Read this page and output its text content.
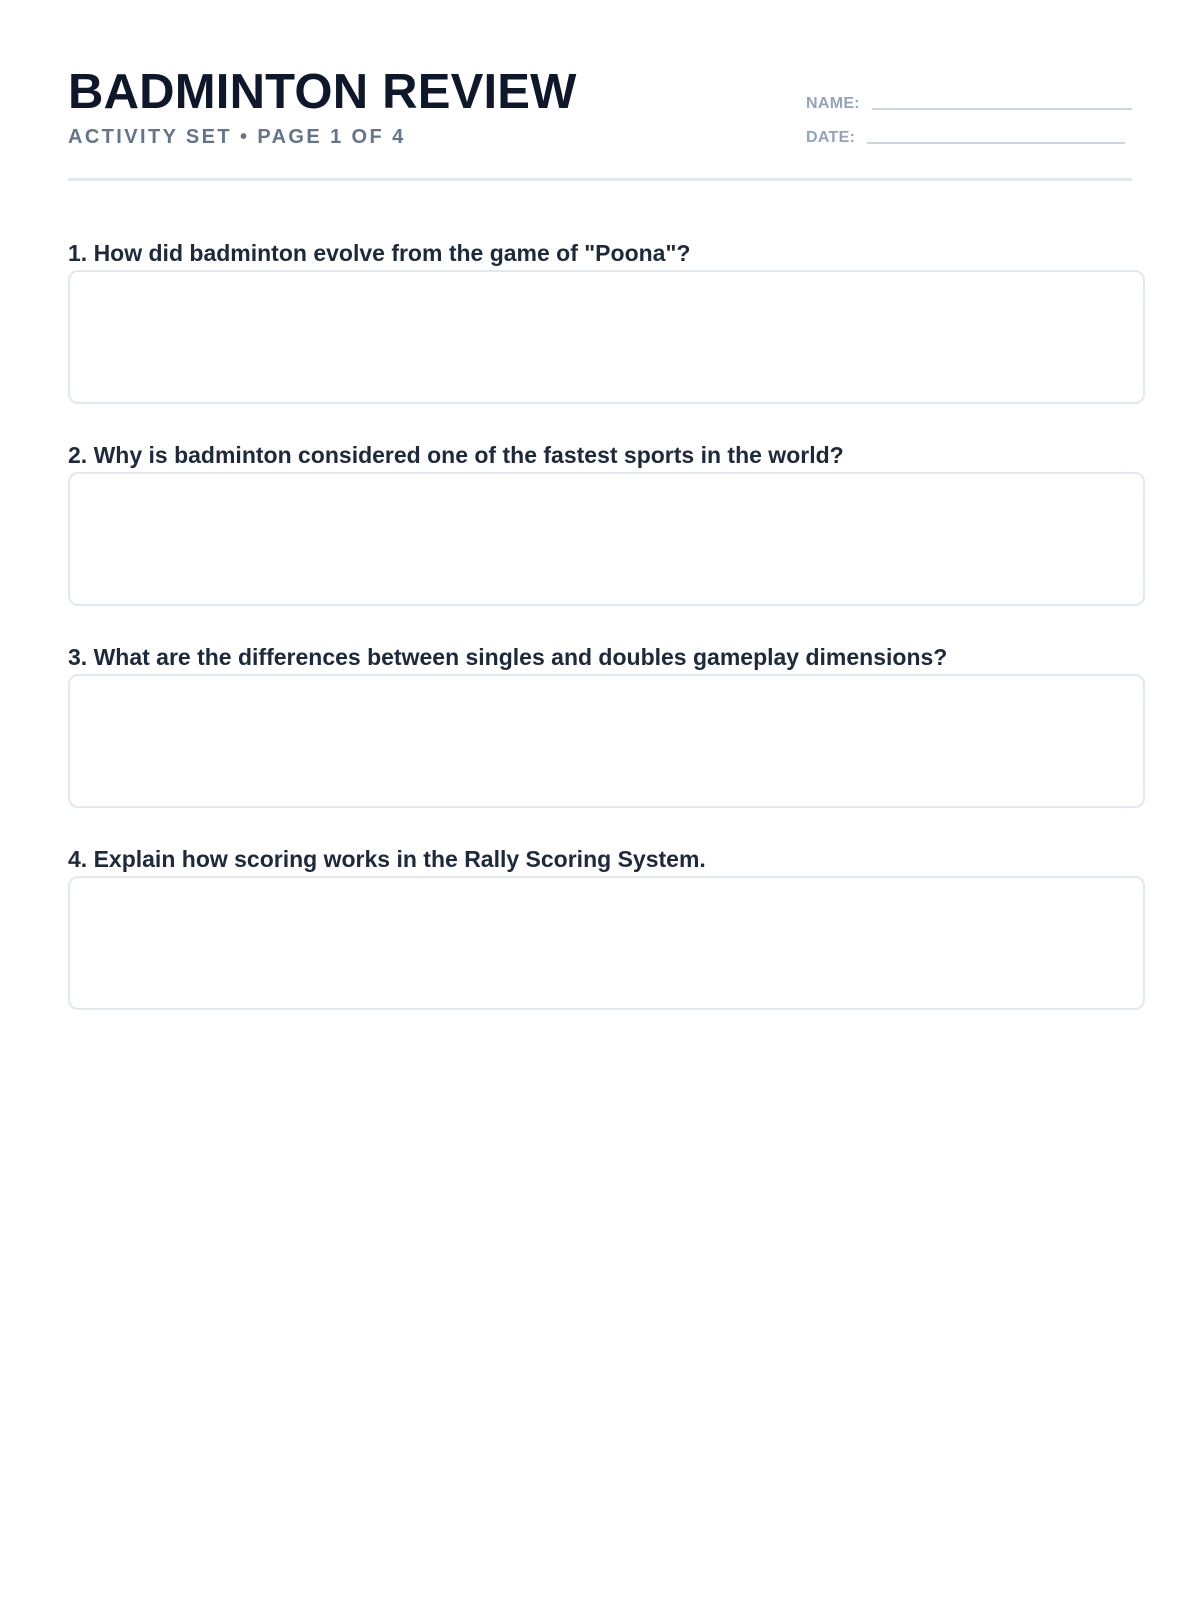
BADMINTON REVIEW
ACTIVITY SET • PAGE 1 OF 4
NAME:
DATE:
1. How did badminton evolve from the game of "Poona"?
2. Why is badminton considered one of the fastest sports in the world?
3. What are the differences between singles and doubles gameplay dimensions?
4. Explain how scoring works in the Rally Scoring System.
